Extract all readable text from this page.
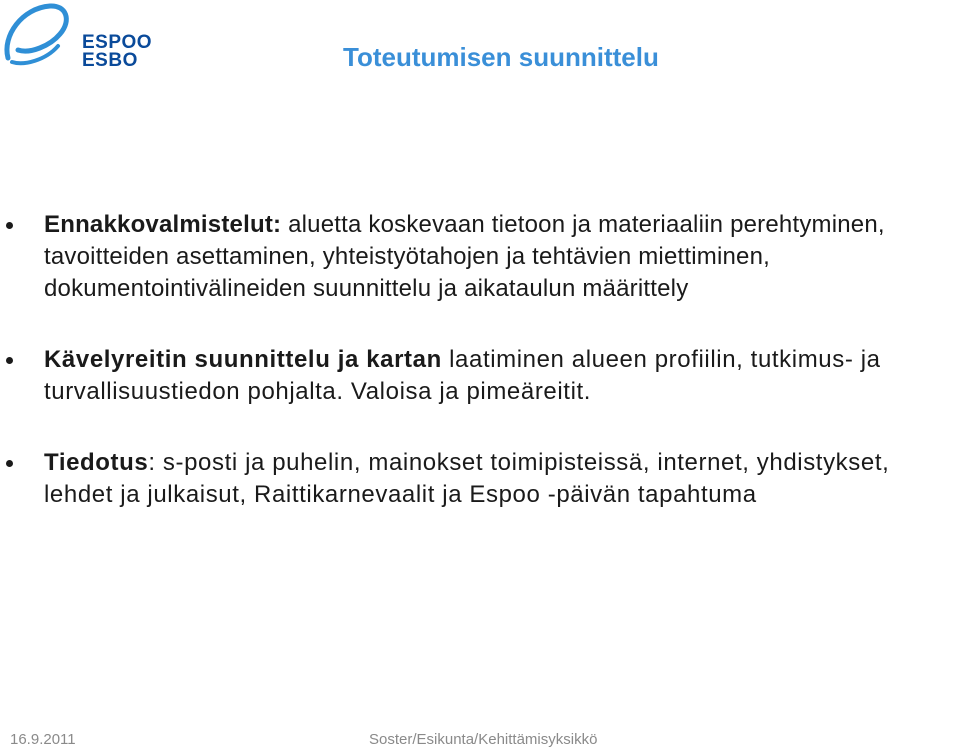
ESPOO
ESBO	Toteutumisen suunnittelu
Ennakkovalmistelut: aluetta koskevaan tietoon ja materiaaliin perehtyminen, tavoitteiden asettaminen, yhteistyötahojen ja tehtävien miettiminen, dokumentointivälineiden suunnittelu ja aikataulun määrittely
Kävelyreitin suunnittelu ja kartan laatiminen alueen profiilin, tutkimus- ja turvallisuustiedon pohjalta. Valoisa ja pimeäreitit.
Tiedotus: s-posti ja puhelin, mainokset toimipisteissä, internet, yhdistykset, lehdet ja julkaisut, Raittikarnevaalit ja Espoo -päivän tapahtuma
16.9.2011	Soster/Esikunta/Kehittämisyksikkö
